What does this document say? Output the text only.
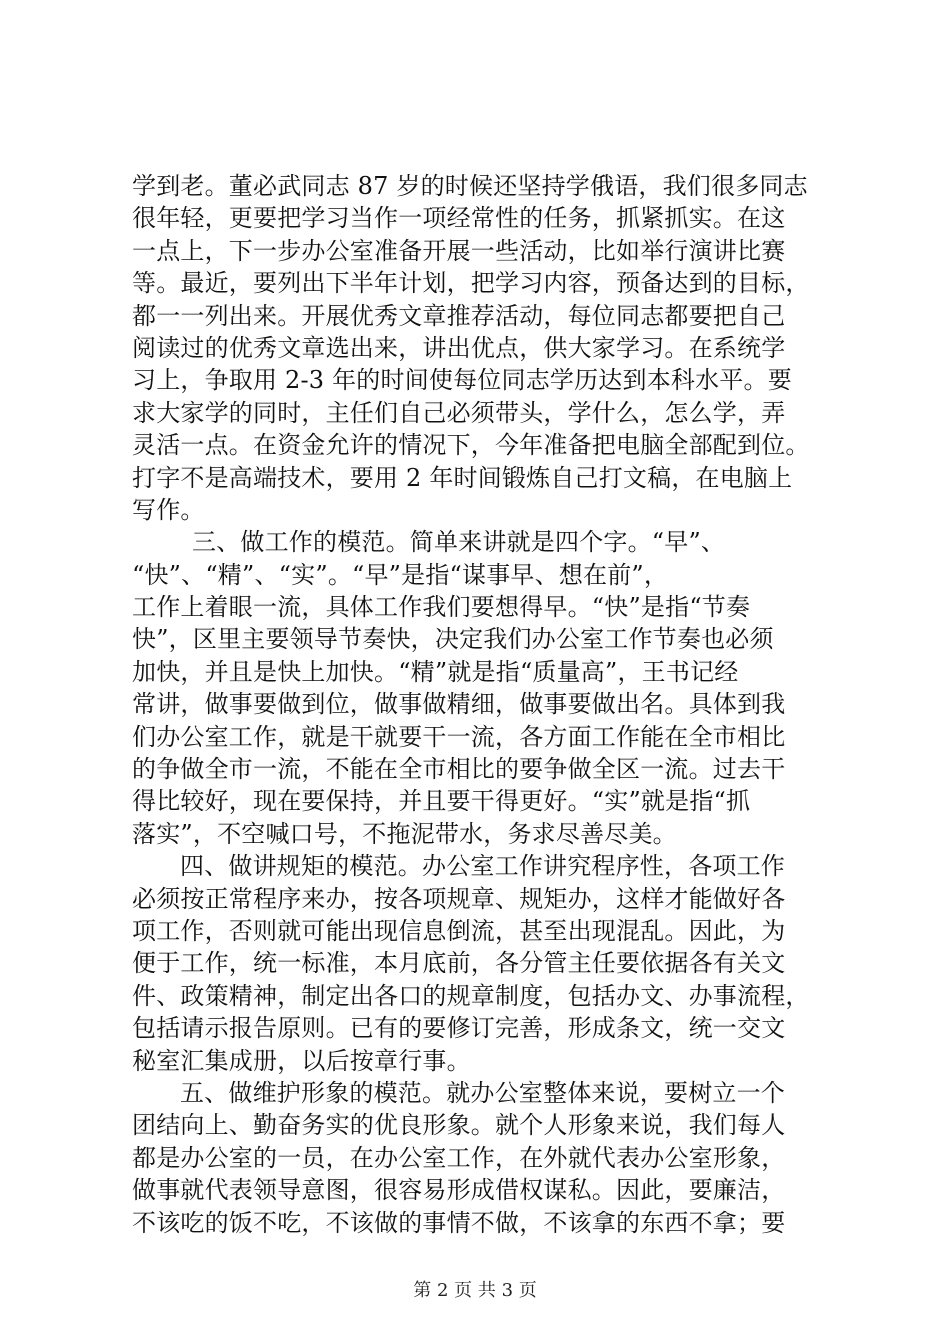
学到老。董必武同志 87 岁的时候还坚持学俄语，我们很多同志
很年轻，更要把学习当作一项经常性的任务，抓紧抓实。在这
一点上，下一步办公室准备开展一些活动，比如举行演讲比赛
等。最近，要列出下半年计划，把学习内容，预备达到的目标，
都一一列出来。开展优秀文章推荐活动，每位同志都要把自己
阅读过的优秀文章选出来，讲出优点，供大家学习。在系统学
习上，争取用 2-3 年的时间使每位同志学历达到本科水平。要
求大家学的同时，主任们自己必须带头，学什么，怎么学，弄
灵活一点。在资金允许的情况下，今年准备把电脑全部配到位。
打字不是高端技术，要用 2 年时间锻炼自己打文稿，在电脑上
写作。
三、做工作的模范。简单来讲就是四个字。“早”、
“快”、“精”、“实”。“早”是指“谋事早、想在前”，
工作上着眼一流，具体工作我们要想得早。“快”是指“节奏
快”，区里主要领导节奏快，决定我们办公室工作节奏也必须
加快，并且是快上加快。“精”就是指“质量高”，王书记经
常讲，做事要做到位，做事做精细，做事要做出名。具体到我
们办公室工作，就是干就要干一流，各方面工作能在全市相比
的争做全市一流，不能在全市相比的要争做全区一流。过去干
得比较好，现在要保持，并且要干得更好。“实”就是指“抓
落实”，不空喊口号，不拖泥带水，务求尽善尽美。
四、做讲规矩的模范。办公室工作讲究程序性，各项工作
必须按正常程序来办，按各项规章、规矩办，这样才能做好各
项工作，否则就可能出现信息倒流，甚至出现混乱。因此，为
便于工作，统一标准，本月底前，各分管主任要依据各有关文
件、政策精神，制定出各口的规章制度，包括办文、办事流程，
包括请示报告原则。已有的要修订完善，形成条文，统一交文
秘室汇集成册，以后按章行事。
五、做维护形象的模范。就办公室整体来说，要树立一个
团结向上、勤奋务实的优良形象。就个人形象来说，我们每人
都是办公室的一员，在办公室工作，在外就代表办公室形象，
做事就代表领导意图，很容易形成借权谋私。因此，要廉洁，
不该吃的饭不吃，不该做的事情不做，不该拿的东西不拿；要
第 2 页 共 3 页
